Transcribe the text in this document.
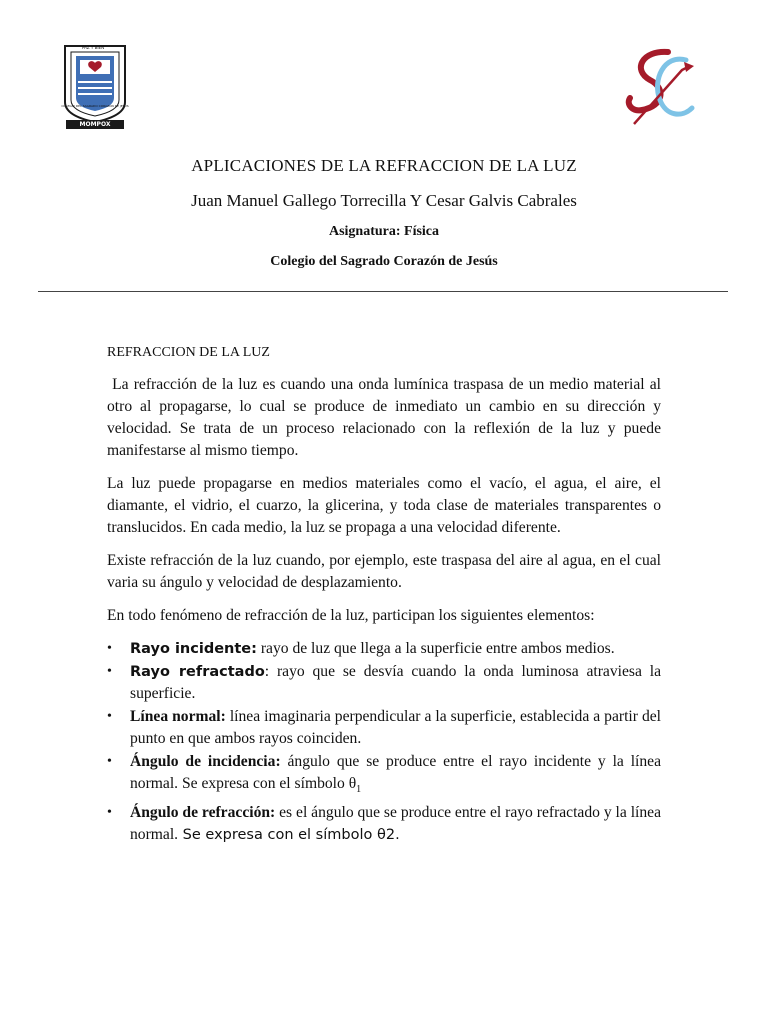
PAZ Y BIEN
COLEGIO DEL SAGRADO CORAZÓN DE JESÚS
MOMPOX
APLICACIONES DE LA REFRACCION DE LA LUZ
Juan Manuel Gallego Torrecilla Y Cesar Galvis Cabrales
Asignatura: Física
Colegio del Sagrado Corazón de Jesús
REFRACCION DE LA LUZ

La refracción de la luz es cuando una onda lumínica traspasa de un medio material al otro al propagarse, lo cual se produce de inmediato un cambio en su dirección y velocidad. Se trata de un proceso relacionado con la reflexión de la luz y puede manifestarse al mismo tiempo.

La luz puede propagarse en medios materiales como el vacío, el agua, el aire, el diamante, el vidrio, el cuarzo, la glicerina, y toda clase de materiales transparentes o translucidos. En cada medio, la luz se propaga a una velocidad diferente.

Existe refracción de la luz cuando, por ejemplo, este traspasa del aire al agua, en el cual varia su ángulo y velocidad de desplazamiento.

En todo fenómeno de refracción de la luz, participan los siguientes elementos:

• Rayo incidente: rayo de luz que llega a la superficie entre ambos medios.
• Rayo refractado: rayo que se desvía cuando la onda luminosa atraviesa la superficie.
• Línea normal: línea imaginaria perpendicular a la superficie, establecida a partir del punto en que ambos rayos coinciden.
• Ángulo de incidencia: ángulo que se produce entre el rayo incidente y la línea normal. Se expresa con el símbolo $\theta_1$
• Ángulo de refracción: es el ángulo que se produce entre el rayo refractado y la línea normal. Se expresa con el símbolo θ2.
